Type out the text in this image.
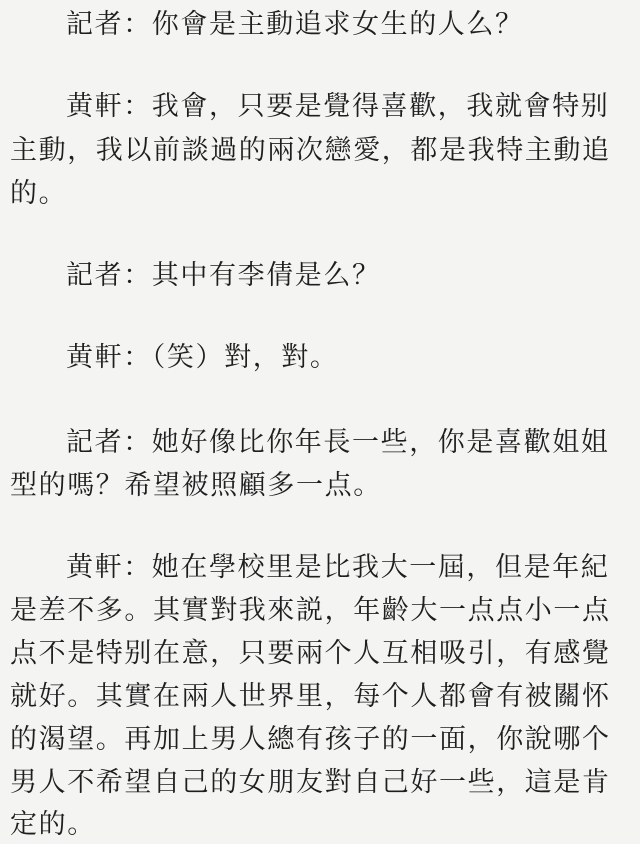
記者：你會是主動追求女生的人么？
黄軒：我會，只要是覺得喜歡，我就會特别
主動，我以前談過的兩次戀愛，都是我特主動追
的。
記者：其中有李倩是么？
黄軒：（笑）對，對。
記者：她好像比你年長一些，你是喜歡姐姐
型的嗎？希望被照顧多一点。
黄軒：她在學校里是比我大一屆，但是年紀
是差不多。其實對我來説，年齡大一点点小一点
点不是特别在意，只要兩个人互相吸引，有感覺
就好。其實在兩人世界里，每个人都會有被關怀
的渴望。再加上男人總有孩子的一面，你說哪个
男人不希望自己的女朋友對自己好一些，這是肯
定的。
